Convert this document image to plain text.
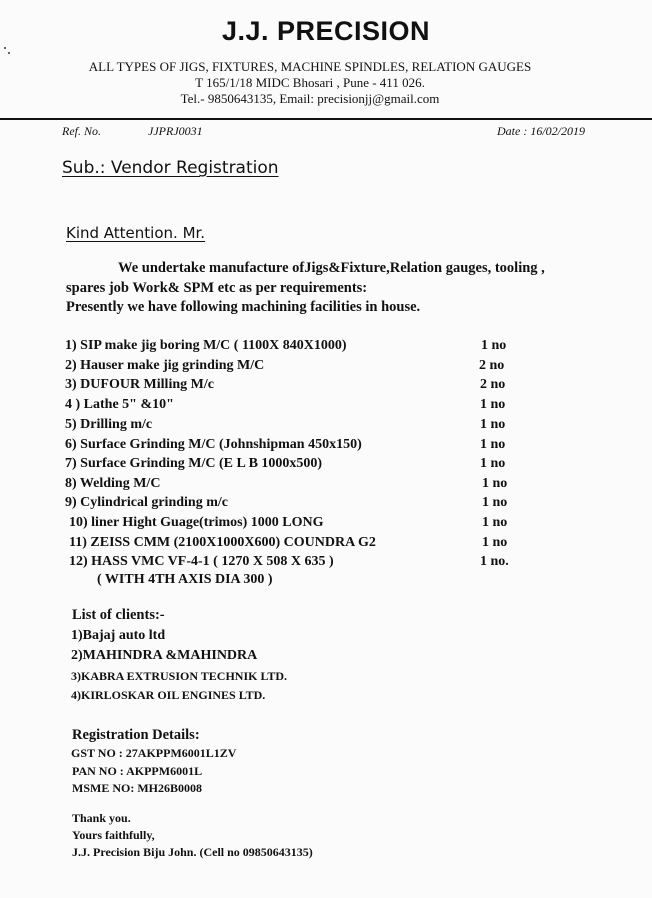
J.J. PRECISION
ALL TYPES OF JIGS, FIXTURES, MACHINE SPINDLES, RELATION GAUGES
T 165/1/18 MIDC Bhosari , Pune - 411 026.
Tel.- 9850643135, Email: precisionjj@gmail.com
Ref. No.	JJPRJ0031	Date : 16/02/2019
Sub.: Vendor Registration
Kind Attention. Mr.
We undertake manufacture ofJigs&Fixture,Relation gauges, tooling ,
spares job Work& SPM etc as per requirements:
Presently we have following machining facilities in house.
1) SIP make jig boring M/C ( 1100X 840X1000)	1 no
2) Hauser make jig grinding M/C	2 no
3) DUFOUR Milling M/c	2 no
4 ) Lathe 5" &10"	1 no
5) Drilling m/c	1 no
6) Surface Grinding M/C (Johnshipman 450x150)	1 no
7) Surface Grinding M/C (E L B 1000x500)	1 no
8) Welding M/C	1 no
9) Cylindrical grinding m/c	1 no
10) liner Hight Guage(trimos) 1000 LONG	1 no
11) ZEISS CMM (2100X1000X600) COUNDRA G2	1 no
12) HASS VMC VF-4-1 ( 1270 X 508 X 635 )	1 no.
( WITH 4TH AXIS DIA 300 )
List of clients:-
1)Bajaj auto ltd
2)MAHINDRA &MAHINDRA
3)KABRA EXTRUSION TECHNIK LTD.
4)KIRLOSKAR OIL ENGINES LTD.
Registration Details:
GST NO : 27AKPPM6001L1ZV
PAN NO : AKPPM6001L
MSME NO: MH26B0008
Thank you.
Yours faithfully,
J.J. Precision Biju John. (Cell no 09850643135)
